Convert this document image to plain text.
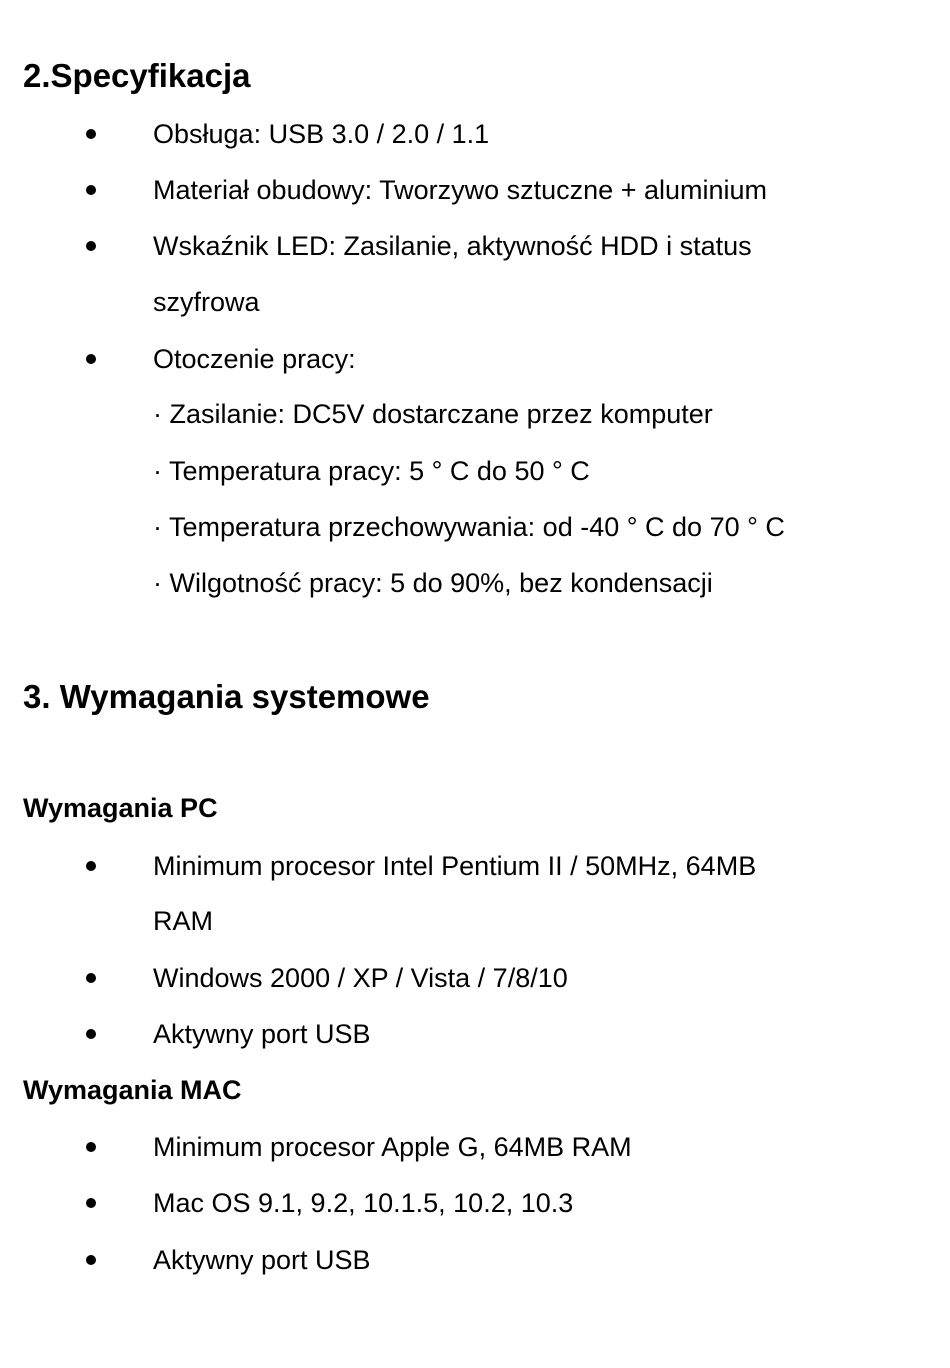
2.Specyfikacja
Obsługa: USB 3.0 / 2.0 / 1.1
Materiał obudowy: Tworzywo sztuczne + aluminium
Wskaźnik LED: Zasilanie, aktywność HDD i status
szyfrowa
Otoczenie pracy:
· Zasilanie: DC5V dostarczane przez komputer
· Temperatura pracy: 5 ° C do 50 ° C
· Temperatura przechowywania: od -40 ° C do 70 ° C
· Wilgotność pracy: 5 do 90%, bez kondensacji
3. Wymagania systemowe
Wymagania PC
Minimum procesor Intel Pentium II / 50MHz, 64MB
RAM
Windows 2000 / XP / Vista / 7/8/10
Aktywny port USB
Wymagania MAC
Minimum procesor Apple G, 64MB RAM
Mac OS 9.1, 9.2, 10.1.5, 10.2, 10.3
Aktywny port USB
